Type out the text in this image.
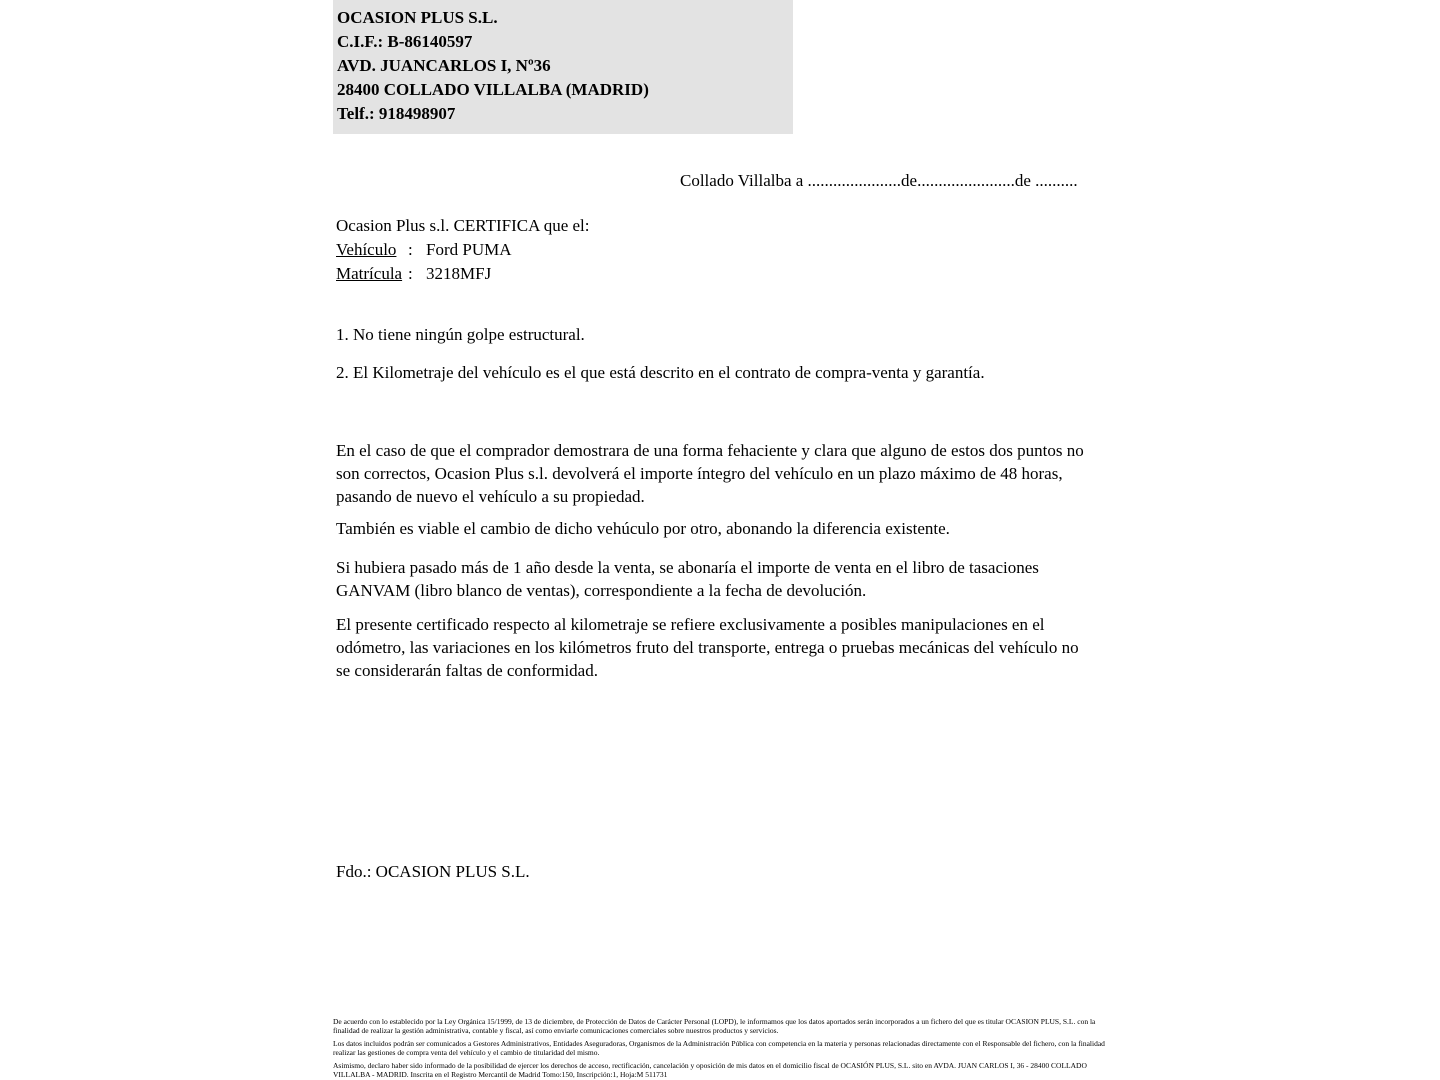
OCASION PLUS S.L.
C.I.F.: B-86140597
AVD. JUANCARLOS I, Nº36
28400 COLLADO VILLALBA (MADRID)
Telf.: 918498907
Collado Villalba a ......................de.......................de ..........
Ocasion Plus s.l. CERTIFICA que el:
Vehículo : Ford PUMA
Matrícula : 3218MFJ
1. No tiene ningún golpe estructural.
2. El Kilometraje del vehículo es el que está descrito en el contrato de compra-venta y garantía.
En el caso de que el comprador demostrara de una forma fehaciente y clara que alguno de estos dos puntos no son correctos, Ocasion Plus s.l. devolverá el importe íntegro del vehículo en un plazo máximo de 48 horas, pasando de nuevo el vehículo a su propiedad.
También es viable el cambio de dicho vehúculo por otro, abonando la diferencia existente.
Si hubiera pasado más de 1 año desde la venta, se abonaría el importe de venta en el libro de tasaciones GANVAM (libro blanco de ventas), correspondiente a la fecha de devolución.
El presente certificado respecto al kilometraje se refiere exclusivamente a posibles manipulaciones en el odómetro, las variaciones en los kilómetros fruto del transporte, entrega o pruebas mecánicas del vehículo no se considerarán faltas de conformidad.
Fdo.: OCASION PLUS S.L.

De acuerdo con lo establecido por la Ley Orgánica 15/1999, de 13 de diciembre, de Protección de Datos de Carácter Personal (LOPD), le informamos que los datos aportados serán incorporados a un fichero del que es titular OCASION PLUS, S.L. con la finalidad de realizar la gestión administrativa, contable y fiscal, así como enviarle comunicaciones comerciales sobre nuestros productos y servicios.

Los datos incluidos podrán ser comunicados a Gestores Administrativos, Entidades Aseguradoras, Organismos de la Administración Pública con competencia en la materia y personas relacionadas directamente con el Responsable del fichero, con la finalidad realizar las gestiones de compra venta del vehículo y el cambio de titularidad del mismo.

Asimismo, declaro haber sido informado de la posibilidad de ejercer los derechos de acceso, rectificación, cancelación y oposición de mis datos en el domicilio fiscal de OCASIÓN PLUS, S.L. sito en AVDA. JUAN CARLOS I, 36 - 28400 COLLADO VILLALBA - MADRID. Inscrita en el Registro Mercantil de Madrid Tomo:150, Inscripción:1, Hoja:M 511731
